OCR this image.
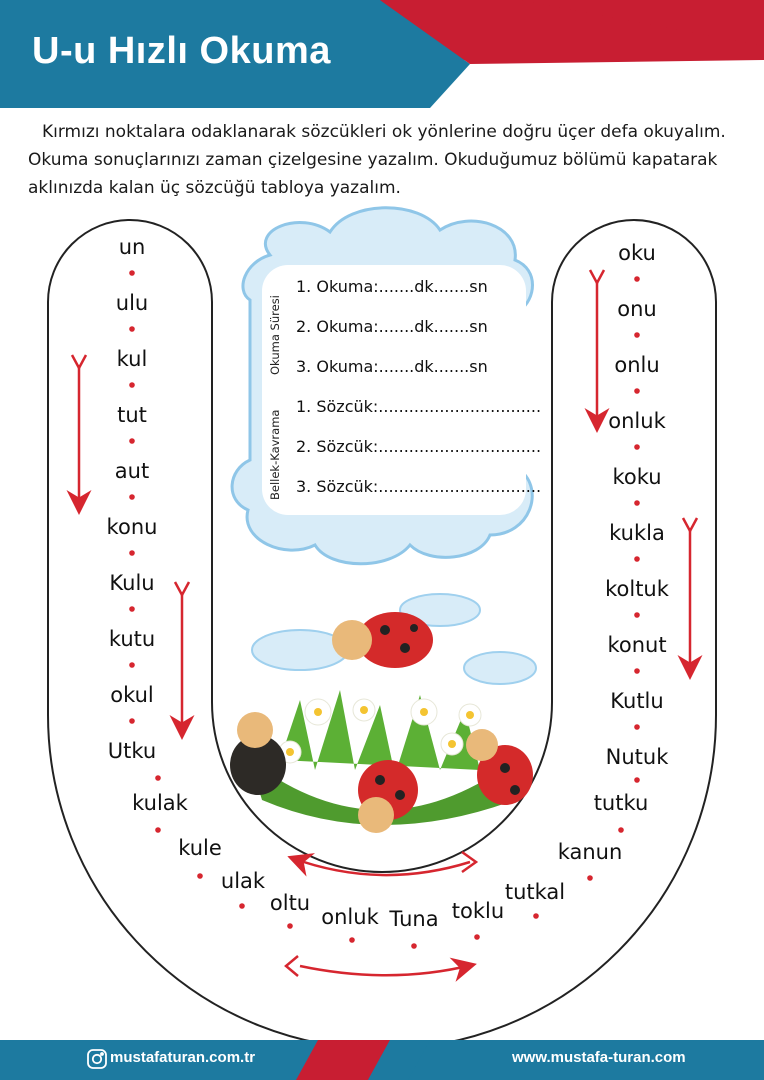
U-u Hızlı Okuma
Kırmızı noktalara odaklanarak sözcükleri ok yönlerine doğru üçer defa okuyalım.
Okuma sonuçlarınızı zaman çizelgesine yazalım. Okuduğumuz bölümü kapatarak
aklınızda kalan üç sözcüğü tabloya yazalım.
un
ulu
kul
tut
aut
konu
Kulu
kutu
okul
Utku
kulak
kule
ulak
oltu
onluk Tuna toklu
tutkal
kanun
tutku
oku
onu
onlu
onluk
koku
kukla
koltuk
konut
Kutlu
Nutuk
Okuma Süresi
Bellek-Kavrama
1. Okuma:.......dk.......sn
2. Okuma:.......dk.......sn
3. Okuma:.......dk.......sn
1. Sözcük:................................
2. Sözcük:................................
3. Sözcük:................................
mustafaturan.com.tr	www.mustafa-turan.com
